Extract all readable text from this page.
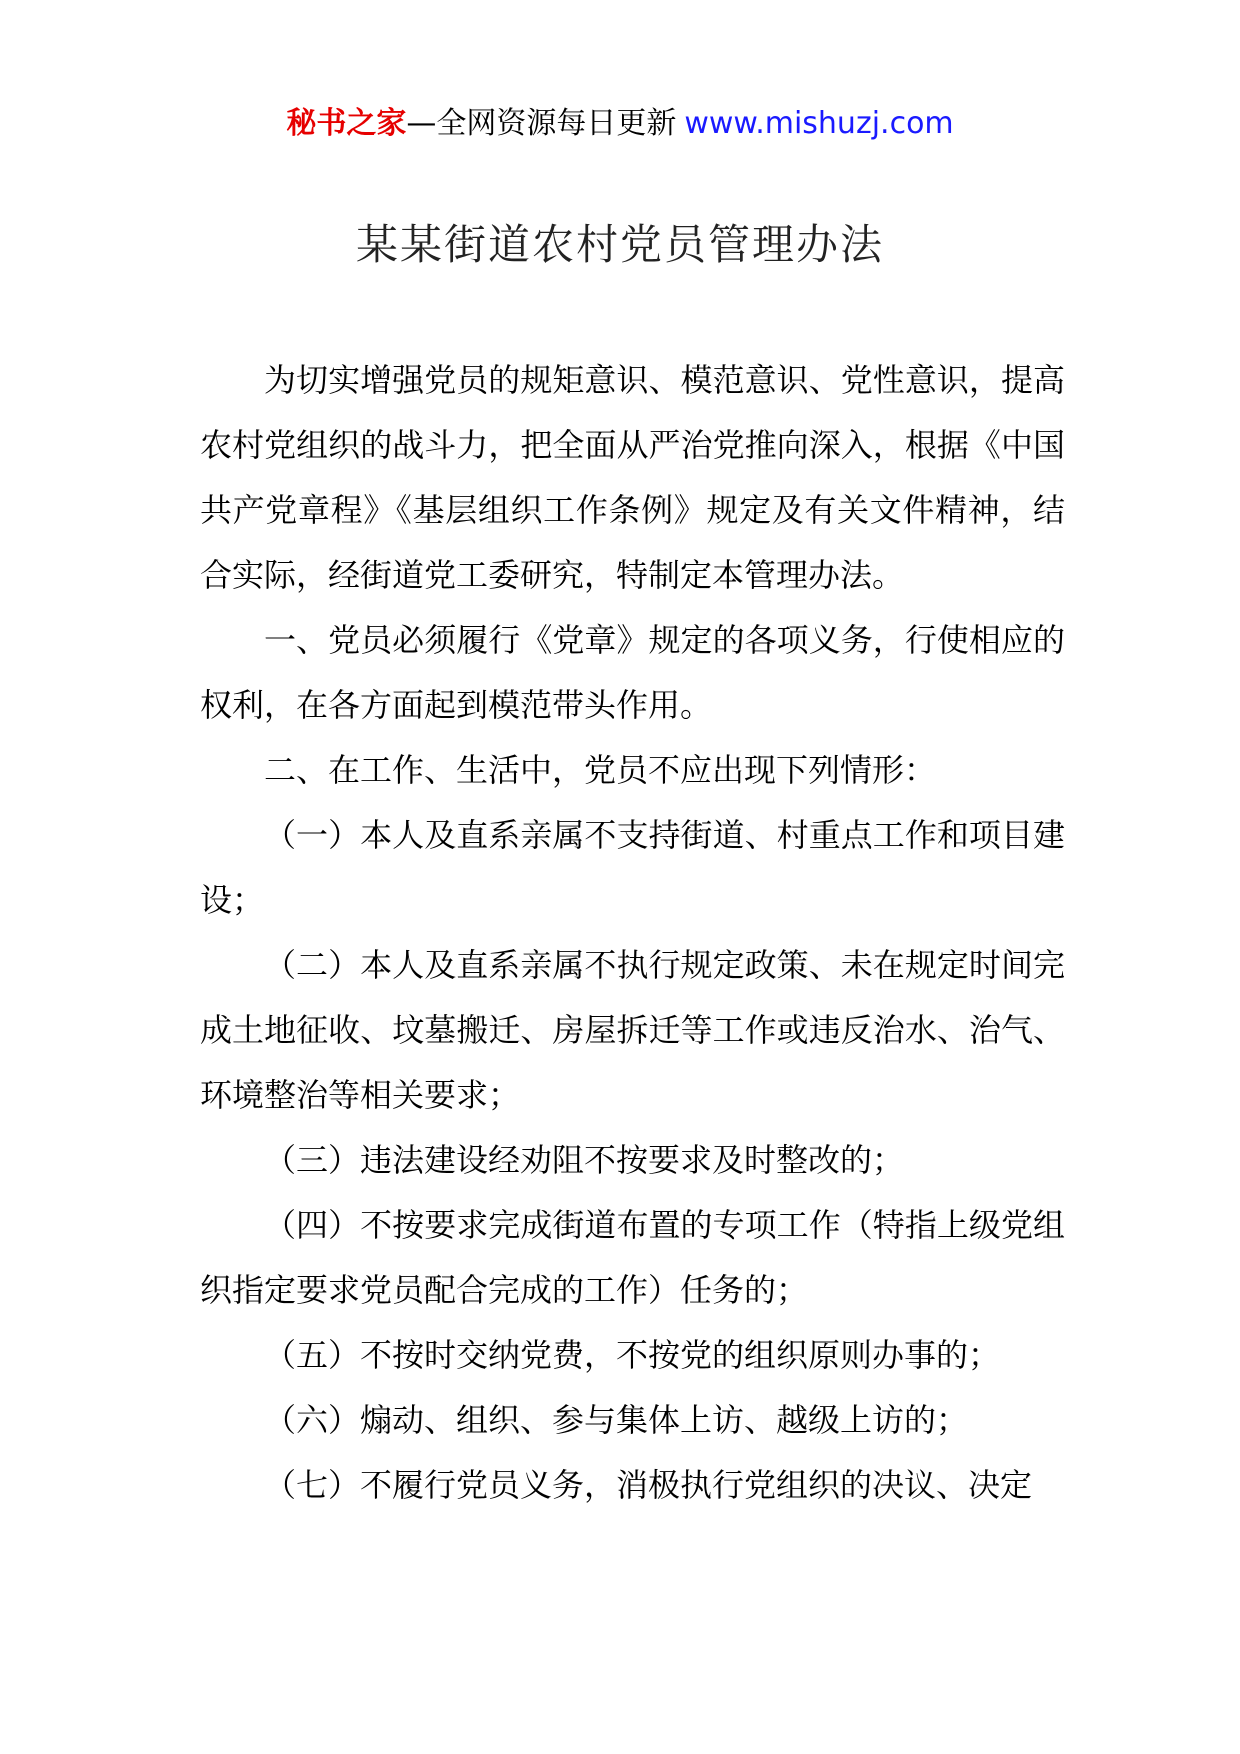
秘书之家—全网资源每日更新 www.mishuzj.com
某某街道农村党员管理办法

为切实增强党员的规矩意识、模范意识、党性意识，提高农村党组织的战斗力，把全面从严治党推向深入，根据《中国共产党章程》《基层组织工作条例》规定及有关文件精神，结合实际，经街道党工委研究，特制定本管理办法。

一、党员必须履行《党章》规定的各项义务，行使相应的权利，在各方面起到模范带头作用。

二、在工作、生活中，党员不应出现下列情形：

（一）本人及直系亲属不支持街道、村重点工作和项目建设；

（二）本人及直系亲属不执行规定政策、未在规定时间完成土地征收、坟墓搬迁、房屋拆迁等工作或违反治水、治气、环境整治等相关要求；

（三）违法建设经劝阻不按要求及时整改的；

（四）不按要求完成街道布置的专项工作（特指上级党组织指定要求党员配合完成的工作）任务的；

（五）不按时交纳党费，不按党的组织原则办事的；

（六）煽动、组织、参与集体上访、越级上访的；

（七）不履行党员义务，消极执行党组织的决议、决定
